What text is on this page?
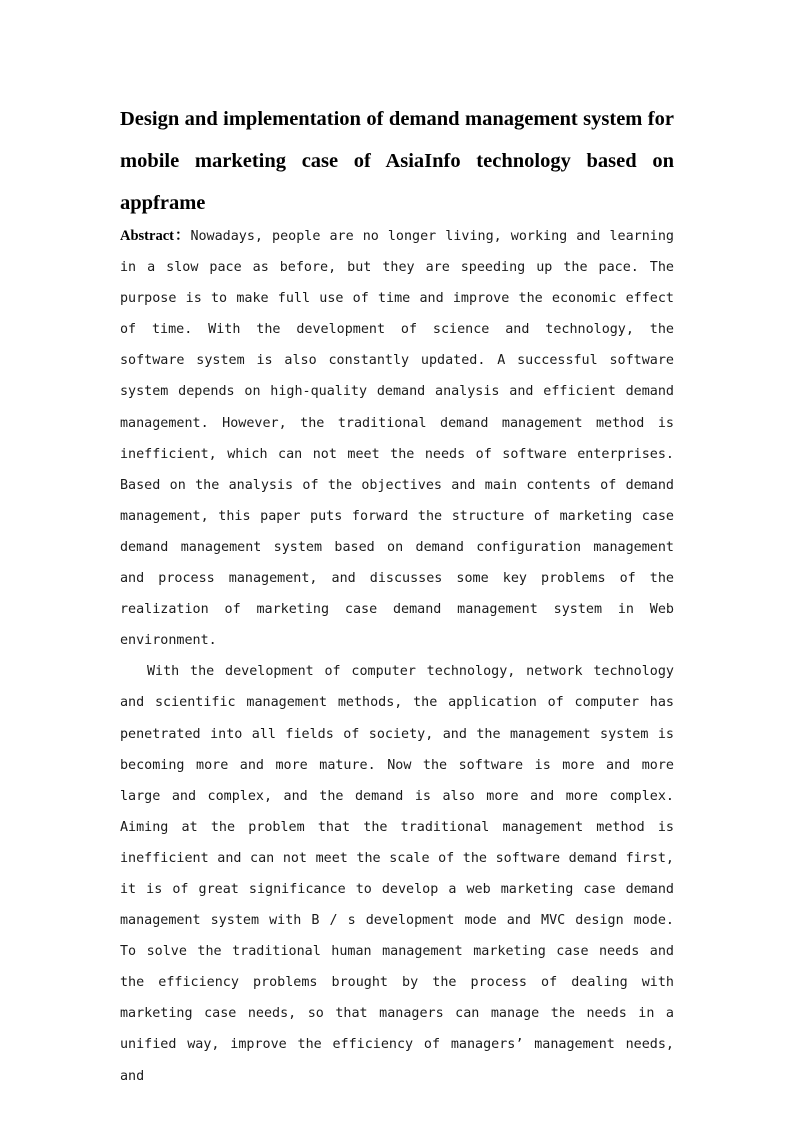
Design and implementation of demand management system for mobile marketing case of AsiaInfo technology based on appframe

Abstract：Nowadays, people are no longer living, working and learning in a slow pace as before, but they are speeding up the pace. The purpose is to make full use of time and improve the economic effect of time. With the development of science and technology, the software system is also constantly updated. A successful software system depends on high-quality demand analysis and efficient demand management. However, the traditional demand management method is inefficient, which can not meet the needs of software enterprises. Based on the analysis of the objectives and main contents of demand management, this paper puts forward the structure of marketing case demand management system based on demand configuration management and process management, and discusses some key problems of the realization of marketing case demand management system in Web environment.

With the development of computer technology, network technology and scientific management methods, the application of computer has penetrated into all fields of society, and the management system is becoming more and more mature. Now the software is more and more large and complex, and the demand is also more and more complex. Aiming at the problem that the traditional management method is inefficient and can not meet the scale of the software demand first, it is of great significance to develop a web marketing case demand management system with B / s development mode and MVC design mode. To solve the traditional human management marketing case needs and the efficiency problems brought by the process of dealing with marketing case needs, so that managers can manage the needs in a unified way, improve the efficiency of managers’ management needs, and
